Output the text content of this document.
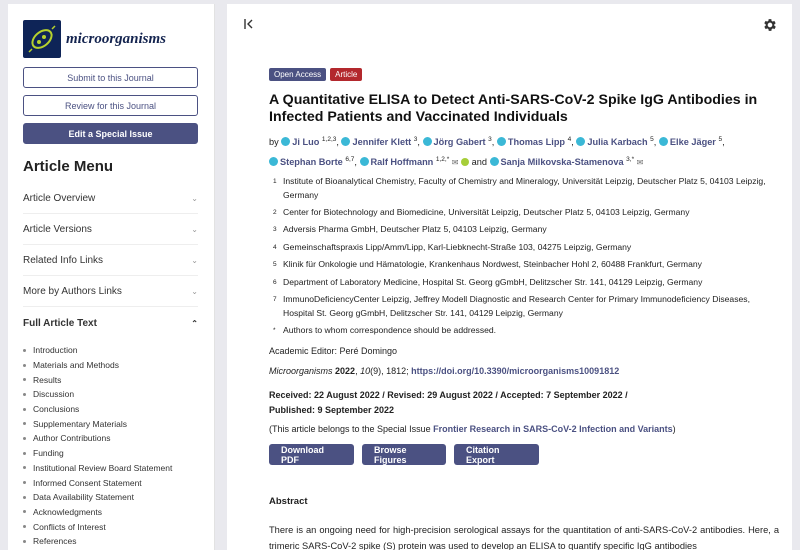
microorganisms
Submit to this Journal
Review for this Journal
Edit a Special Issue
Article Menu
Article Overview	⌄
Article Versions	⌄
Related Info Links	⌄
More by Authors Links	⌄
Full Article Text	⌃
Introduction
Materials and Methods
Results
Discussion
Conclusions
Supplementary Materials
Author Contributions
Funding
Institutional Review Board Statement
Informed Consent Statement
Data Availability Statement
Acknowledgments
Conflicts of Interest
References
Open Access	Article
A Quantitative ELISA to Detect Anti-SARS-CoV-2 Spike IgG Antibodies in Infected Patients and Vaccinated Individuals
by Ji Luo $^{1,2,3}$, Jennifer Klett $^3$, Jörg Gabert $^3$, Thomas Lipp $^4$, Julia Karbach $^5$, Elke Jäger $^5$, Stephan Borte $^{6,7}$, Ralf Hoffmann $^{1,2,*}$ ✉ and Sanja Milkovska-Stamenova $^{3,*}$ ✉
1 Institute of Bioanalytical Chemistry, Faculty of Chemistry and Mineralogy, Universität Leipzig, Deutscher Platz 5, 04103 Leipzig, Germany
2 Center for Biotechnology and Biomedicine, Universität Leipzig, Deutscher Platz 5, 04103 Leipzig, Germany
3 Adversis Pharma GmbH, Deutscher Platz 5, 04103 Leipzig, Germany
4 Gemeinschaftspraxis Lipp/Amm/Lipp, Karl-Liebknecht-Straße 103, 04275 Leipzig, Germany
5 Klinik für Onkologie und Hämatologie, Krankenhaus Nordwest, Steinbacher Hohl 2, 60488 Frankfurt, Germany
6 Department of Laboratory Medicine, Hospital St. Georg gGmbH, Delitzscher Str. 141, 04129 Leipzig, Germany
7 ImmunoDeficiencyCenter Leipzig, Jeffrey Modell Diagnostic and Research Center for Primary Immunodeficiency Diseases, Hospital St. Georg gGmbH, Delitzscher Str. 141, 04129 Leipzig, Germany
* Authors to whom correspondence should be addressed.
Academic Editor: Peré Domingo
Microorganisms 2022, 10(9), 1812; https://doi.org/10.3390/microorganisms10091812
Received: 22 August 2022 / Revised: 29 August 2022 / Accepted: 7 September 2022 /
Published: 9 September 2022
(This article belongs to the Special Issue Frontier Research in SARS-CoV-2 Infection and Variants)
Download PDF
Browse Figures
Citation Export
Abstract
There is an ongoing need for high-precision serological assays for the quantitation of anti-SARS-CoV-2 antibodies. Here, a trimeric SARS-CoV-2 spike (S) protein was used to develop an ELISA to quantify specific IgG antibodies
